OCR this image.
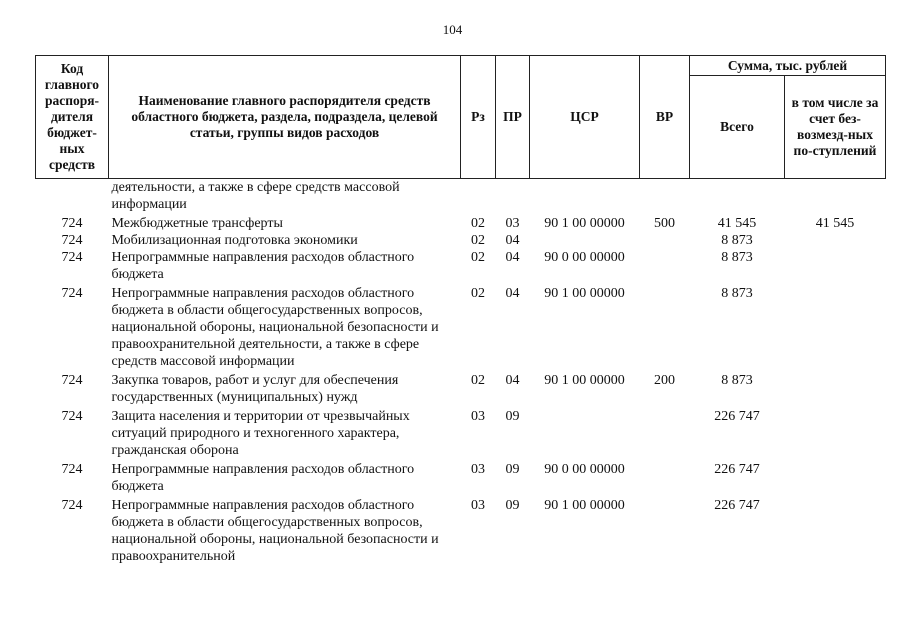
104
Код главного распоря-дителя бюджет-ных средств	Наименование главного распорядителя средств областного бюджета, раздела, подраздела, целевой статьи, группы видов расходов	Рз	ПР	ЦСР	ВР	Сумма, тыс. рублей	
						Всего	в том числе за счет без-возмезд-ных по-ступлений
	деятельности, а также в сфере средств массовой информации						
724	Межбюджетные трансферты	02	03	90 1 00 00000	500	41 545	41 545
724	Мобилизационная подготовка экономики	02	04			8 873	
724	Непрограммные направления расходов областного бюджета	02	04	90 0 00 00000		8 873	
724	Непрограммные направления расходов областного бюджета в области общегосударственных вопросов, национальной обороны, национальной безопасности и правоохранительной деятельности, а также в сфере средств массовой информации	02	04	90 1 00 00000		8 873	
724	Закупка товаров, работ и услуг для обеспечения государственных (муниципальных) нужд	02	04	90 1 00 00000	200	8 873	
724	Защита населения и территории от чрезвычайных ситуаций природного и техногенного характера, гражданская оборона	03	09			226 747	
724	Непрограммные направления расходов областного бюджета	03	09	90 0 00 00000		226 747	
724	Непрограммные направления расходов областного бюджета в области общегосударственных вопросов, национальной обороны, национальной безопасности и правоохранительной	03	09	90 1 00 00000		226 747	
